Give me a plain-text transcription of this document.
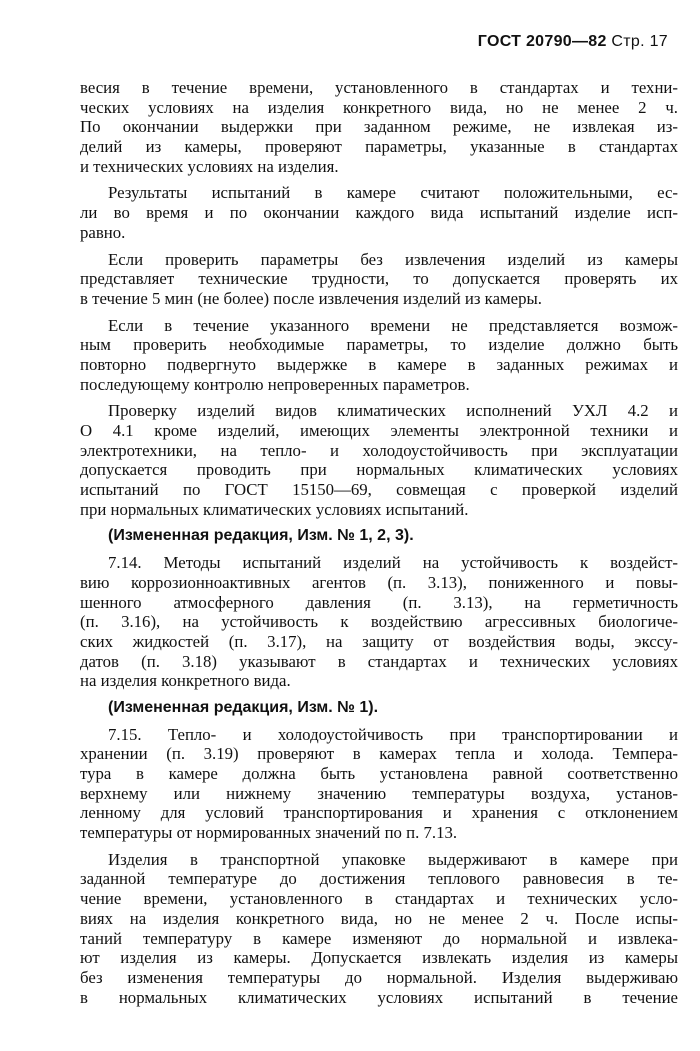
ГОСТ 20790—82 Стр. 17
весия в течение времени, установленного в стандартах и техни-
ческих условиях на изделия конкретного вида, но не менее 2 ч.
По окончании выдержки при заданном режиме, не извлекая из-
делий из камеры, проверяют параметры, указанные в стандартах
и технических условиях на изделия.
Результаты испытаний в камере считают положительными, ес-
ли во время и по окончании каждого вида испытаний изделие исп-
равно.
Если проверить параметры без извлечения изделий из камеры
представляет технические трудности, то допускается проверять их
в течение 5 мин (не более) после извлечения изделий из камеры.
Если в течение указанного времени не представляется возмож-
ным проверить необходимые параметры, то изделие должно быть
повторно подвергнуто выдержке в камере в заданных режимах и
последующему контролю непроверенных параметров.
Проверку изделий видов климатических исполнений УХЛ 4.2 и
О 4.1 кроме изделий, имеющих элементы электронной техники и
электротехники, на тепло- и холодоустойчивость при эксплуатации
допускается проводить при нормальных климатических условиях
испытаний по ГОСТ 15150—69, совмещая с проверкой изделий
при нормальных климатических условиях испытаний.
(Измененная редакция, Изм. № 1, 2, 3).
7.14. Методы испытаний изделий на устойчивость к воздейст-
вию коррозионноактивных агентов (п. 3.13), пониженного и повы-
шенного атмосферного давления (п. 3.13), на герметичность
(п. 3.16), на устойчивость к воздействию агрессивных биологиче-
ских жидкостей (п. 3.17), на защиту от воздействия воды, экссу-
датов (п. 3.18) указывают в стандартах и технических условиях
на изделия конкретного вида.
(Измененная редакция, Изм. № 1).
7.15. Тепло- и холодоустойчивость при транспортировании и
хранении (п. 3.19) проверяют в камерах тепла и холода. Темпера-
тура в камере должна быть установлена равной соответственно
верхнему или нижнему значению температуры воздуха, установ-
ленному для условий транспортирования и хранения с отклонением
температуры от нормированных значений по п. 7.13.
Изделия в транспортной упаковке выдерживают в камере при
заданной температуре до достижения теплового равновесия в те-
чение времени, установленного в стандартах и технических усло-
виях на изделия конкретного вида, но не менее 2 ч. После испы-
таний температуру в камере изменяют до нормальной и извлека-
ют изделия из камеры. Допускается извлекать изделия из камеры
без изменения температуры до нормальной. Изделия выдерживаю
в нормальных климатических условиях испытаний в течение
